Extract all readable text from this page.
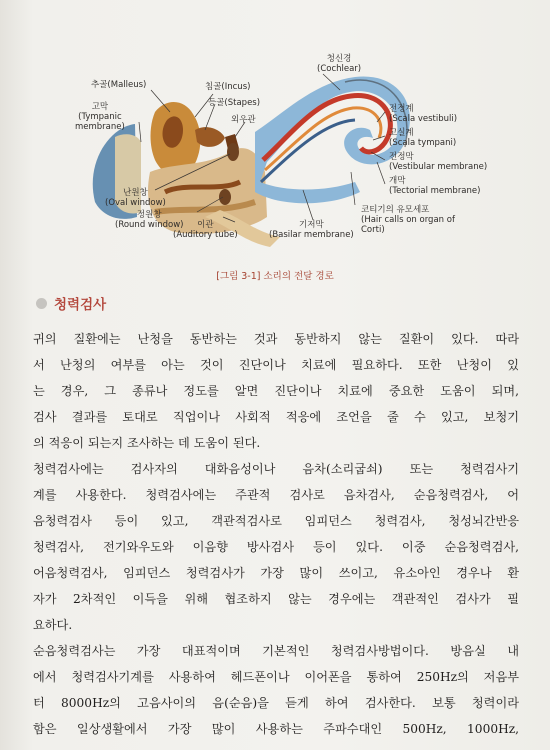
추골(Malleus)
고막
(Tympanic
membrane)
침골(Incus)
등골(Stapes)
외우관
청신경
(Cochlear)
전정계
(Scala vestibuli)
고실계
(Scala tympani)
전정막
(Vestibular membrane)
개막
(Tectorial membrane)
코티기의 유모세포
(Hair calls on organ of
Corti)
기저막
(Basilar membrane)
이관
(Auditory tube)
정원창
(Round window)
난원창
(Oval window)
[그림 3-1] 소리의 전달 경로
청력검사
귀의 질환에는 난청을 동반하는 것과 동반하지 않는 질환이 있다. 따라
서 난청의 여부를 아는 것이 진단이나 치료에 필요하다. 또한 난청이 있
는 경우, 그 종류나 정도를 알면 진단이나 치료에 중요한 도움이 되며,
검사 결과를 토대로 직업이나 사회적 적응에 조언을 줄 수 있고, 보청기
의 적응이 되는지 조사하는 데 도움이 된다.
청력검사에는 검사자의 대화음성이나 음차(소리굽쇠) 또는 청력검사기
계를 사용한다. 청력검사에는 주관적 검사로 음차검사, 순음청력검사, 어
음청력검사 등이 있고, 객관적검사로 임피던스 청력검사, 청성뇌간반응
청력검사, 전기와우도와 이음향 방사검사 등이 있다. 이중 순음청력검사,
어음청력검사, 임피던스 청력검사가 가장 많이 쓰이고, 유소아인 경우나 환
자가 2차적인 이득을 위해 협조하지 않는 경우에는 객관적인 검사가 필
요하다.
순음청력검사는 가장 대표적이며 기본적인 청력검사방법이다. 방음실 내
에서 청력검사기계를 사용하여 헤드폰이나 이어폰을 통하여 250Hz의 저음부
터 8000Hz의 고음사이의 음(순음)을 듣게 하여 검사한다. 보통 청력이라
함은 일상생활에서 가장 많이 사용하는 주파수대인 500Hz, 1000Hz,
